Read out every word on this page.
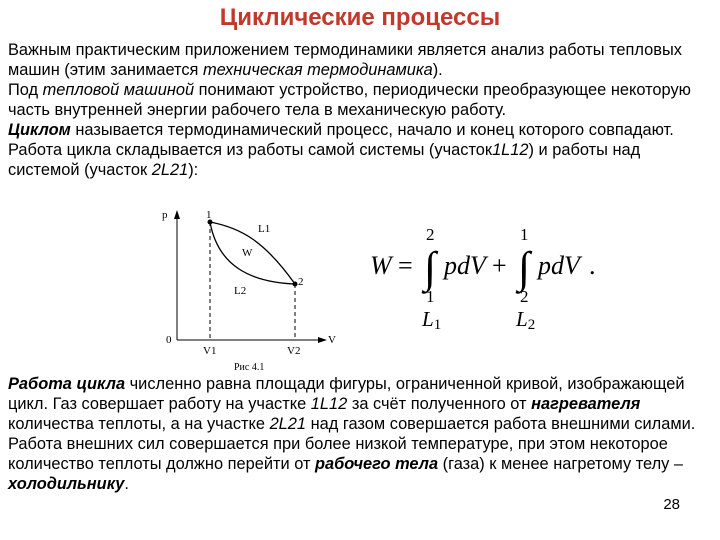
Циклические процессы

Важным практическим приложением термодинамики является анализ работы тепловых машин (этим занимается техническая термодинамика).

Под тепловой машиной понимают устройство, периодически преобразующее некоторую часть внутренней энергии рабочего тела в механическую работу.

Циклом называется термодинамический процесс, начало и конец которого совпадают. Работа цикла складывается из работы самой системы (участок1L12) и работы над системой (участок 2L21):

p
0	V
V1	V2
1
2
L1
L2
W
Рис 4.1
W =
2
∫
1
L1
pdV +
1
∫
2
L2
pdV .

Работа цикла численно равна площади фигуры, ограниченной кривой, изображающей цикл. Газ совершает работу на участке 1L12 за счёт полученного от нагревателя количества теплоты, а на участке 2L21 над газом совершается работа внешними силами. Работа внешних сил совершается при более низкой температуре, при этом некоторое количество теплоты должно перейти от рабочего тела (газа) к менее нагретому телу – холодильнику.

28
